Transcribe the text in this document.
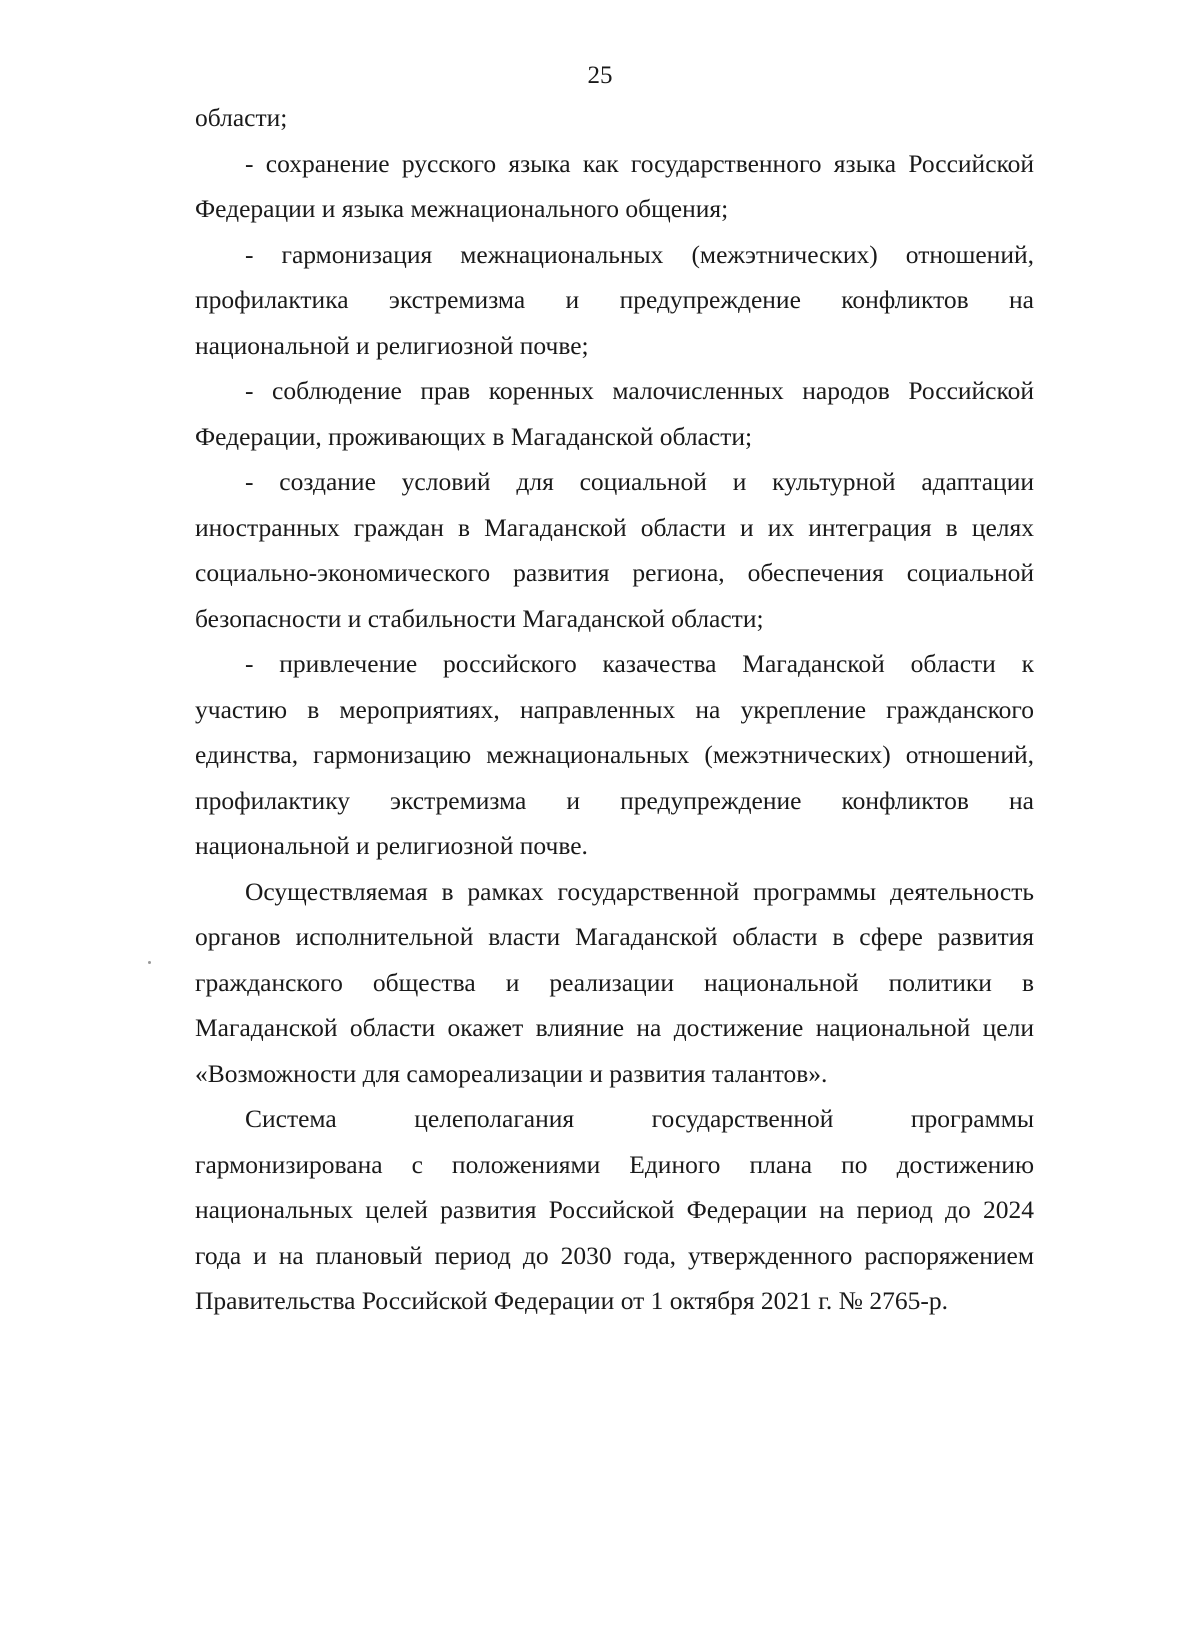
25

области;

- сохранение русского языка как государственного языка Российской
Федерации и языка межнационального общения;

- гармонизация межнациональных (межэтнических) отношений,
профилактика экстремизма и предупреждение конфликтов на
национальной и религиозной почве;

- соблюдение прав коренных малочисленных народов Российской
Федерации, проживающих в Магаданской области;

- создание условий для социальной и культурной адаптации
иностранных граждан в Магаданской области и их интеграция в целях
социально-экономического развития региона, обеспечения социальной
безопасности и стабильности Магаданской области;

- привлечение российского казачества Магаданской области к
участию в мероприятиях, направленных на укрепление гражданского
единства, гармонизацию межнациональных (межэтнических) отношений,
профилактику экстремизма и предупреждение конфликтов на
национальной и религиозной почве.

Осуществляемая в рамках государственной программы деятельность
органов исполнительной власти Магаданской области в сфере развития
гражданского общества и реализации национальной политики в
Магаданской области окажет влияние на достижение национальной цели
«Возможности для самореализации и развития талантов».

Система целеполагания государственной программы
гармонизирована с положениями Единого плана по достижению
национальных целей развития Российской Федерации на период до 2024
года и на плановый период до 2030 года, утвержденного распоряжением
Правительства Российской Федерации от 1 октября 2021 г. № 2765-р.
